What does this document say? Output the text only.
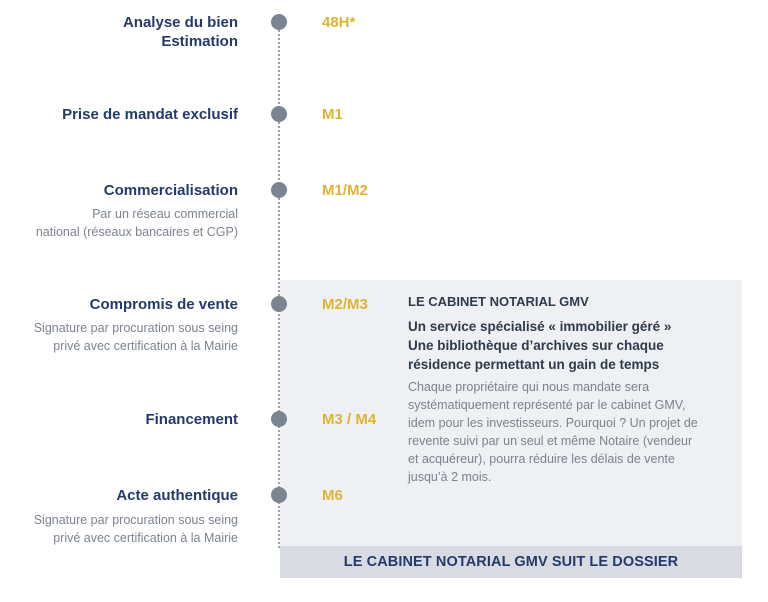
Analyse du bien
Estimation
48H*
Prise de mandat exclusif	M1
Commercialisation
Par un réseau commercial
national (réseaux bancaires et CGP)
M1/M2
Compromis de vente
Signature par procuration sous seing
privé avec certification à la Mairie
M2/M3
Financement	M3 / M4
Acte authentique
Signature par procuration sous seing
privé avec certification à la Mairie
M6
LE CABINET NOTARIAL GMV
Un service spécialisé « immobilier géré »
Une bibliothèque d’archives sur chaque
résidence permettant un gain de temps
Chaque propriétaire qui nous mandate sera
systématiquement représenté par le cabinet GMV,
idem pour les investisseurs. Pourquoi ? Un projet de
revente suivi par un seul et même Notaire (vendeur
et acquéreur), pourra réduire les délais de vente
jusqu’à 2 mois.
LE CABINET NOTARIAL GMV SUIT LE DOSSIER
